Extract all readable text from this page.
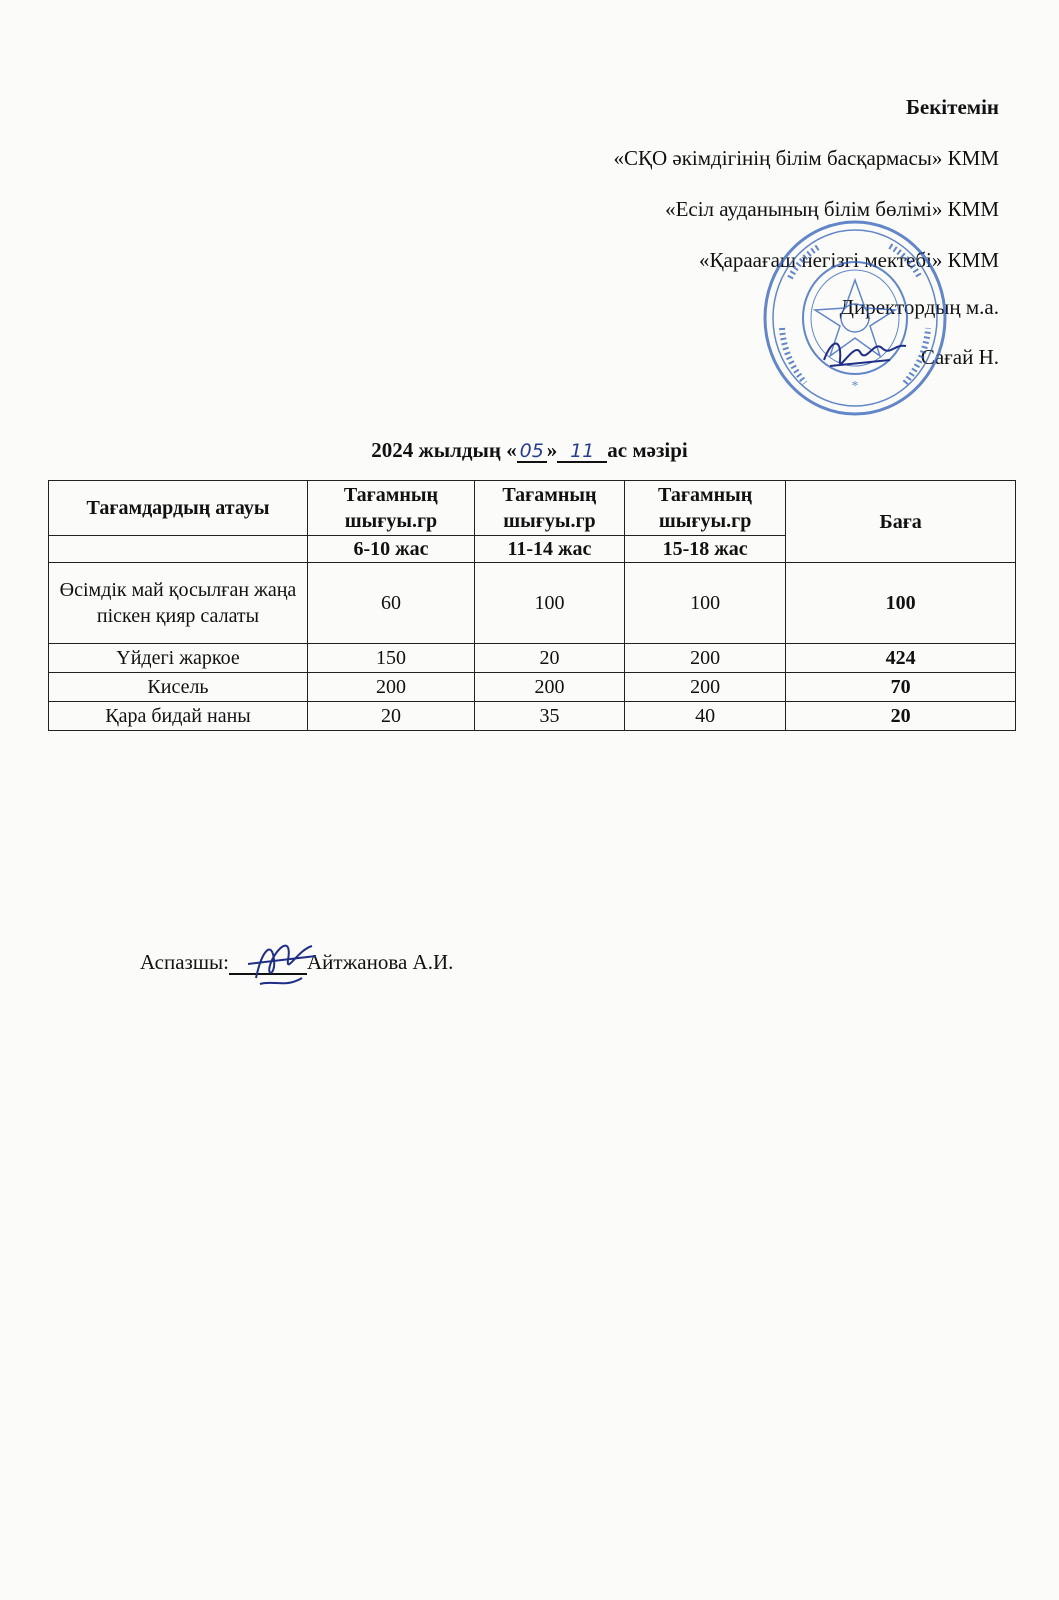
Бекітемін
«СҚО әкімдігінің білім басқармасы» КММ
«Есіл ауданының білім бөлімі» КММ
«Қараағаш негізгі мектебі» КММ
Директордың м.а.
Сағай Н.
*
2024 жылдың « 05 » 11 ас мәзірі
Тағамдардың атауы	Тағамның шығуы.гр	Тағамның шығуы.гр	Тағамның шығуы.гр	Баға
	6-10 жас	11-14 жас	15-18 жас	
Өсімдік май қосылған жаңа піскен қияр салаты	60	100	100	100
Үйдегі жаркое	150	20	200	424
Кисель	200	200	200	70
Қара бидай наны	20	35	40	20
Аспазшы:	Айтжанова А.И.
